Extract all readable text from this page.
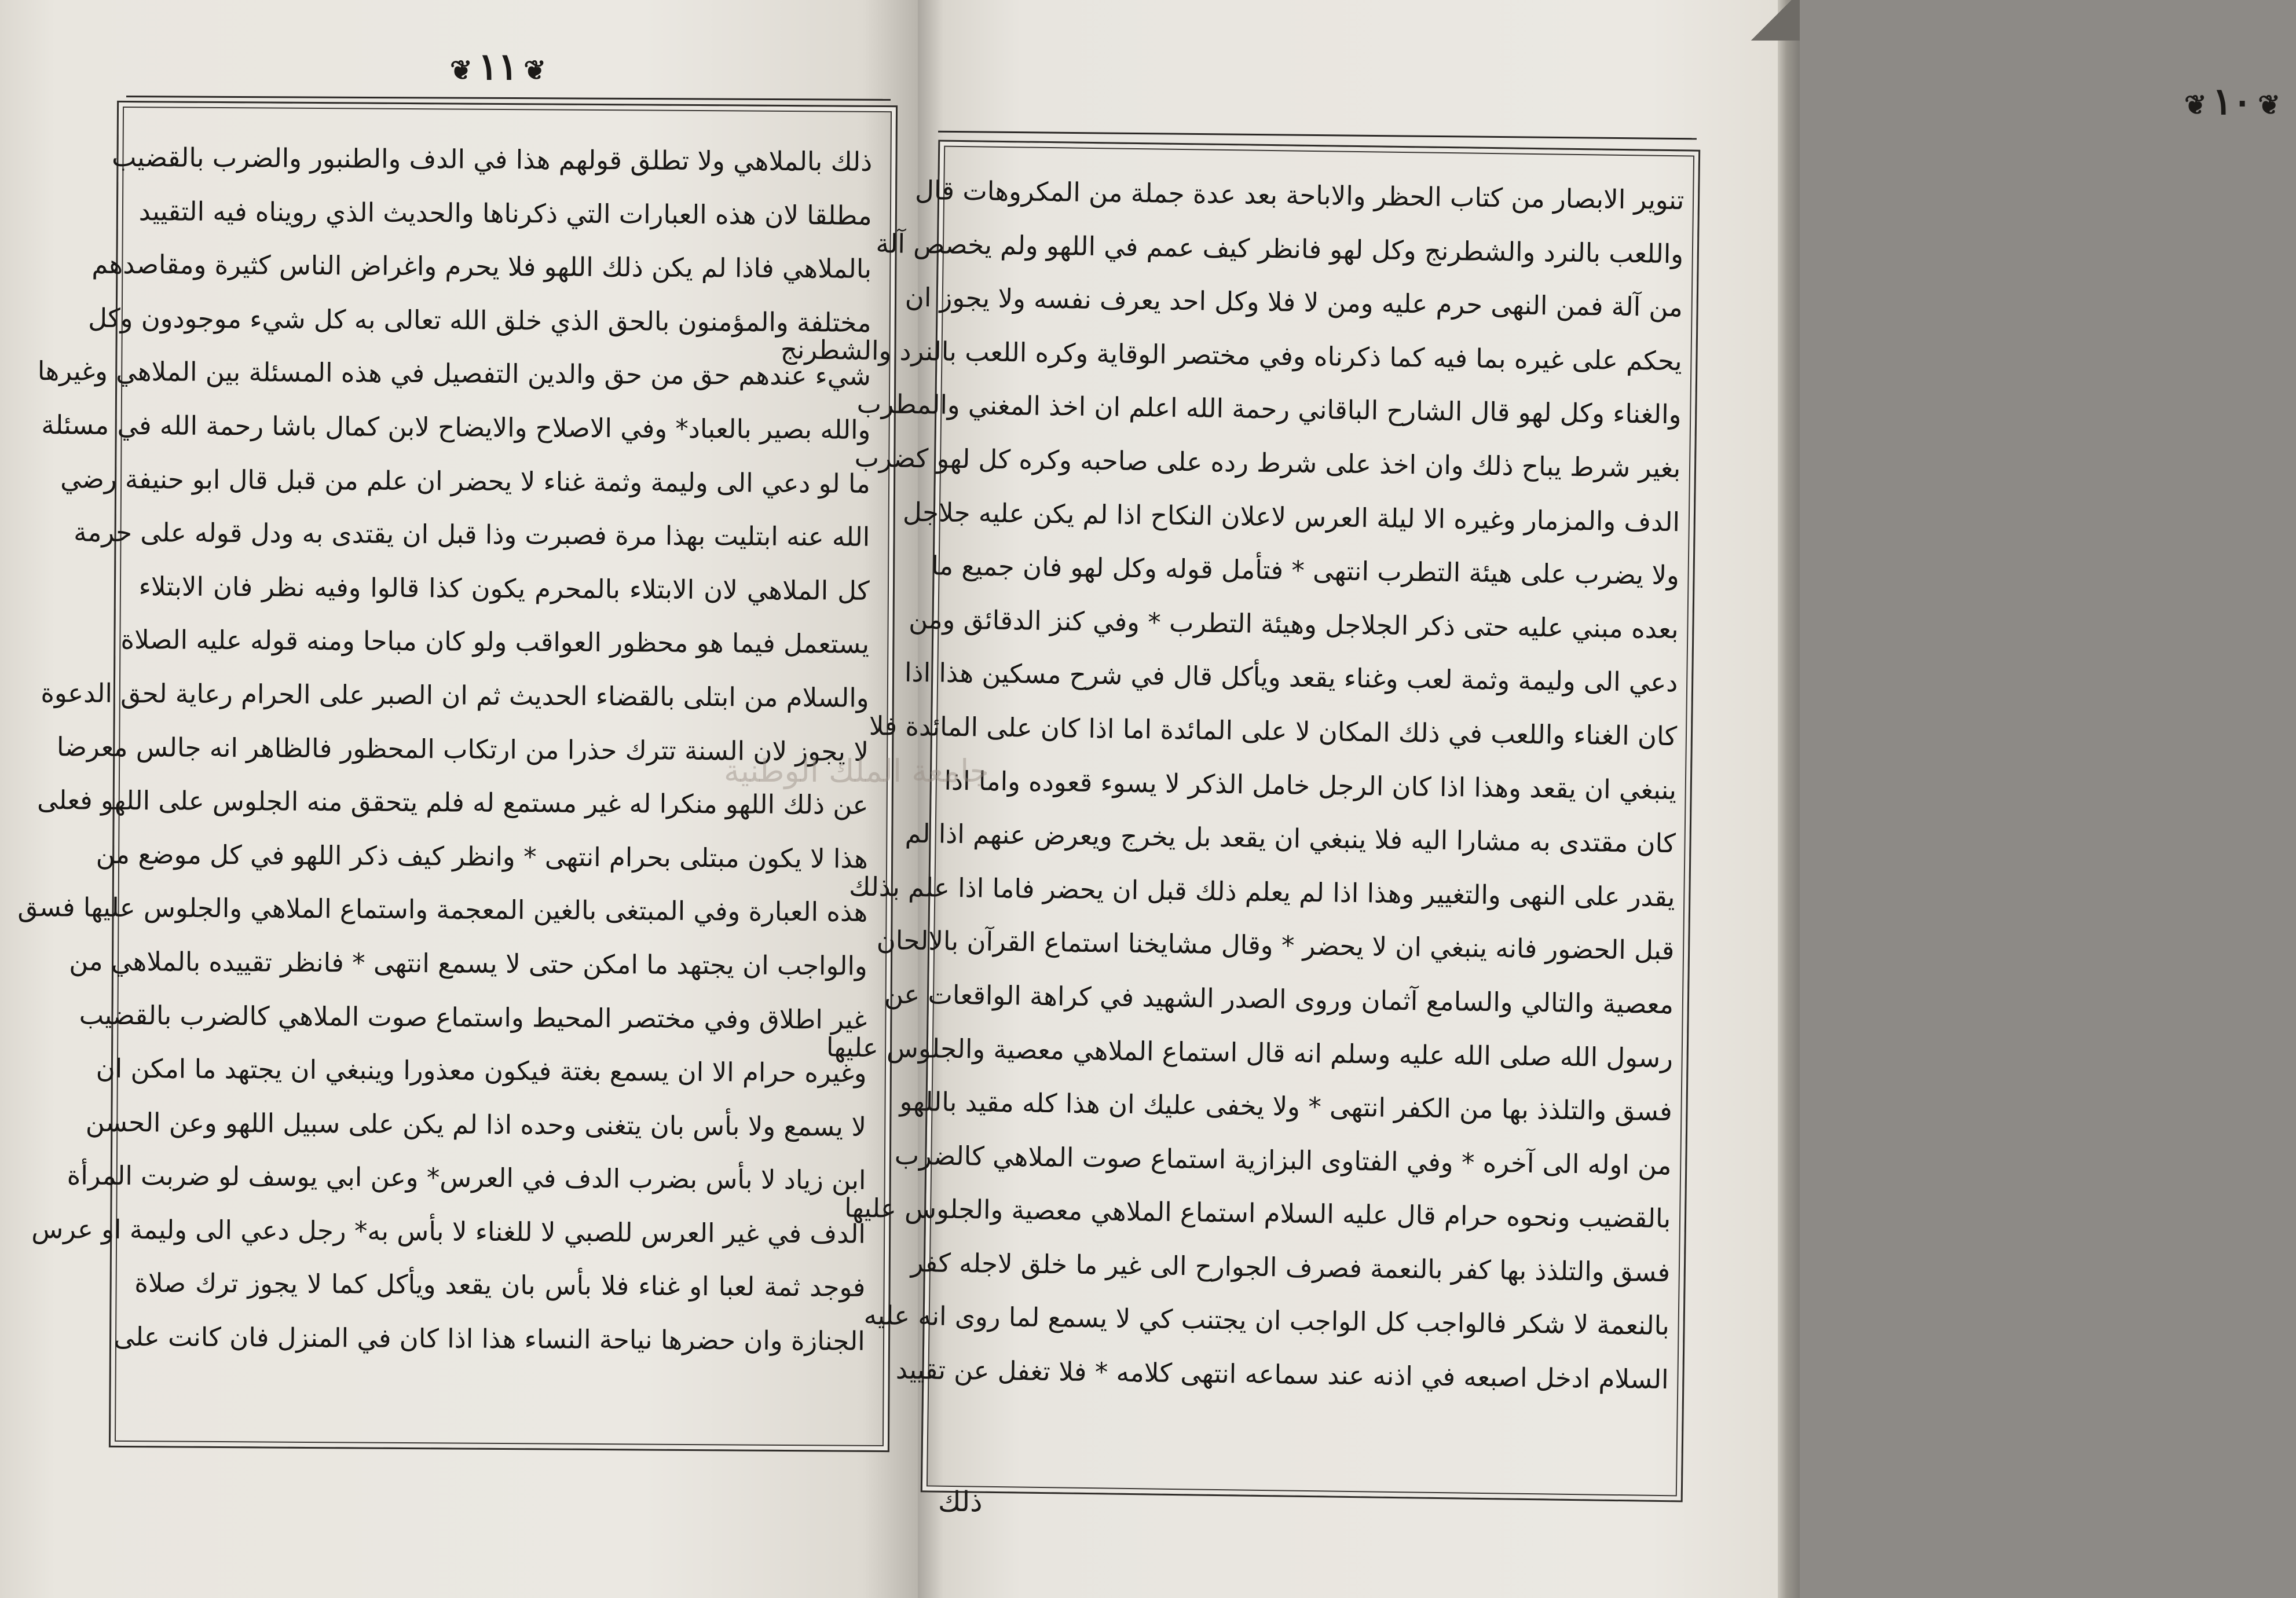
❦١١❦
ذلك بالملاهي ولا تطلق قولهم هذا في الدف والطنبور والضرب بالقضيب
مطلقا لان هذه العبارات التي ذكرناها والحديث الذي رويناه فيه التقييد
بالملاهي فاذا لم يكن ذلك اللهو فلا يحرم واغراض الناس كثيرة ومقاصدهم
مختلفة والمؤمنون بالحق الذي خلق الله تعالى به كل شيء موجودون وكل
شيء عندهم حق من حق والدين التفصيل في هذه المسئلة بين الملاهي وغيرها
والله بصير بالعباد* وفي الاصلاح والايضاح لابن كمال باشا رحمة الله في مسئلة
ما لو دعي الى وليمة وثمة غناء لا يحضر ان علم من قبل قال ابو حنيفة رضي
الله عنه ابتليت بهذا مرة فصبرت وذا قبل ان يقتدى به ودل قوله على حرمة
كل الملاهي لان الابتلاء بالمحرم يكون كذا قالوا وفيه نظر فان الابتلاء
يستعمل فيما هو محظور العواقب ولو كان مباحا ومنه قوله عليه الصلاة
والسلام من ابتلى بالقضاء الحديث ثم ان الصبر على الحرام رعاية لحق الدعوة
لا يجوز لان السنة تترك حذرا من ارتكاب المحظور فالظاهر انه جالس معرضا
عن ذلك اللهو منكرا له غير مستمع له فلم يتحقق منه الجلوس على اللهو فعلى
هذا لا يكون مبتلى بحرام انتهى * وانظر كيف ذكر اللهو في كل موضع من
هذه العبارة وفي المبتغى بالغين المعجمة واستماع الملاهي والجلوس عليها فسق
والواجب ان يجتهد ما امكن حتى لا يسمع انتهى * فانظر تقييده بالملاهي من
غير اطلاق وفي مختصر المحيط واستماع صوت الملاهي كالضرب بالقضيب
وغيره حرام الا ان يسمع بغتة فيكون معذورا وينبغي ان يجتهد ما امكن ان
لا يسمع ولا بأس بان يتغنى وحده اذا لم يكن على سبيل اللهو وعن الحسن
ابن زياد لا بأس بضرب الدف في العرس* وعن ابي يوسف لو ضربت المرأة
الدف في غير العرس للصبي لا للغناء لا بأس به* رجل دعي الى وليمة او عرس
فوجد ثمة لعبا او غناء فلا بأس بان يقعد ويأكل كما لا يجوز ترك صلاة
الجنازة وان حضرها نياحة النساء هذا اذا كان في المنزل فان كانت على
❦١٠❦
تنوير الابصار من كتاب الحظر والاباحة بعد عدة جملة من المكروهات قال
واللعب بالنرد والشطرنج وكل لهو فانظر كيف عمم في اللهو ولم يخصص آلة
من آلة فمن النهى حرم عليه ومن لا فلا وكل احد يعرف نفسه ولا يجوز ان
يحكم على غيره بما فيه كما ذكرناه وفي مختصر الوقاية وكره اللعب بالنرد والشطرنج
والغناء وكل لهو قال الشارح الباقاني رحمة الله اعلم ان اخذ المغني والمطرب
بغير شرط يباح ذلك وان اخذ على شرط رده على صاحبه وكره كل لهو كضرب
الدف والمزمار وغيره الا ليلة العرس لاعلان النكاح اذا لم يكن عليه جلاجل
ولا يضرب على هيئة التطرب انتهى * فتأمل قوله وكل لهو فان جميع ما
بعده مبني عليه حتى ذكر الجلاجل وهيئة التطرب * وفي كنز الدقائق ومن
دعي الى وليمة وثمة لعب وغناء يقعد ويأكل قال في شرح مسكين هذا اذا
كان الغناء واللعب في ذلك المكان لا على المائدة اما اذا كان على المائدة فلا
ينبغي ان يقعد وهذا اذا كان الرجل خامل الذكر لا يسوء قعوده واما اذا
كان مقتدى به مشارا اليه فلا ينبغي ان يقعد بل يخرج ويعرض عنهم اذا لم
يقدر على النهى والتغيير وهذا اذا لم يعلم ذلك قبل ان يحضر فاما اذا علم بذلك
قبل الحضور فانه ينبغي ان لا يحضر * وقال مشايخنا استماع القرآن بالالحان
معصية والتالي والسامع آثمان وروى الصدر الشهيد في كراهة الواقعات عن
رسول الله صلى الله عليه وسلم انه قال استماع الملاهي معصية والجلوس عليها
فسق والتلذذ بها من الكفر انتهى * ولا يخفى عليك ان هذا كله مقيد باللهو
من اوله الى آخره * وفي الفتاوى البزازية استماع صوت الملاهي كالضرب
بالقضيب ونحوه حرام قال عليه السلام استماع الملاهي معصية والجلوس عليها
فسق والتلذذ بها كفر بالنعمة فصرف الجوارح الى غير ما خلق لاجله كفر
بالنعمة لا شكر فالواجب كل الواجب ان يجتنب كي لا يسمع لما روى انه عليه
السلام ادخل اصبعه في اذنه عند سماعه انتهى كلامه * فلا تغفل عن تقييد
ذلك
جامعة الملك الوطنية
